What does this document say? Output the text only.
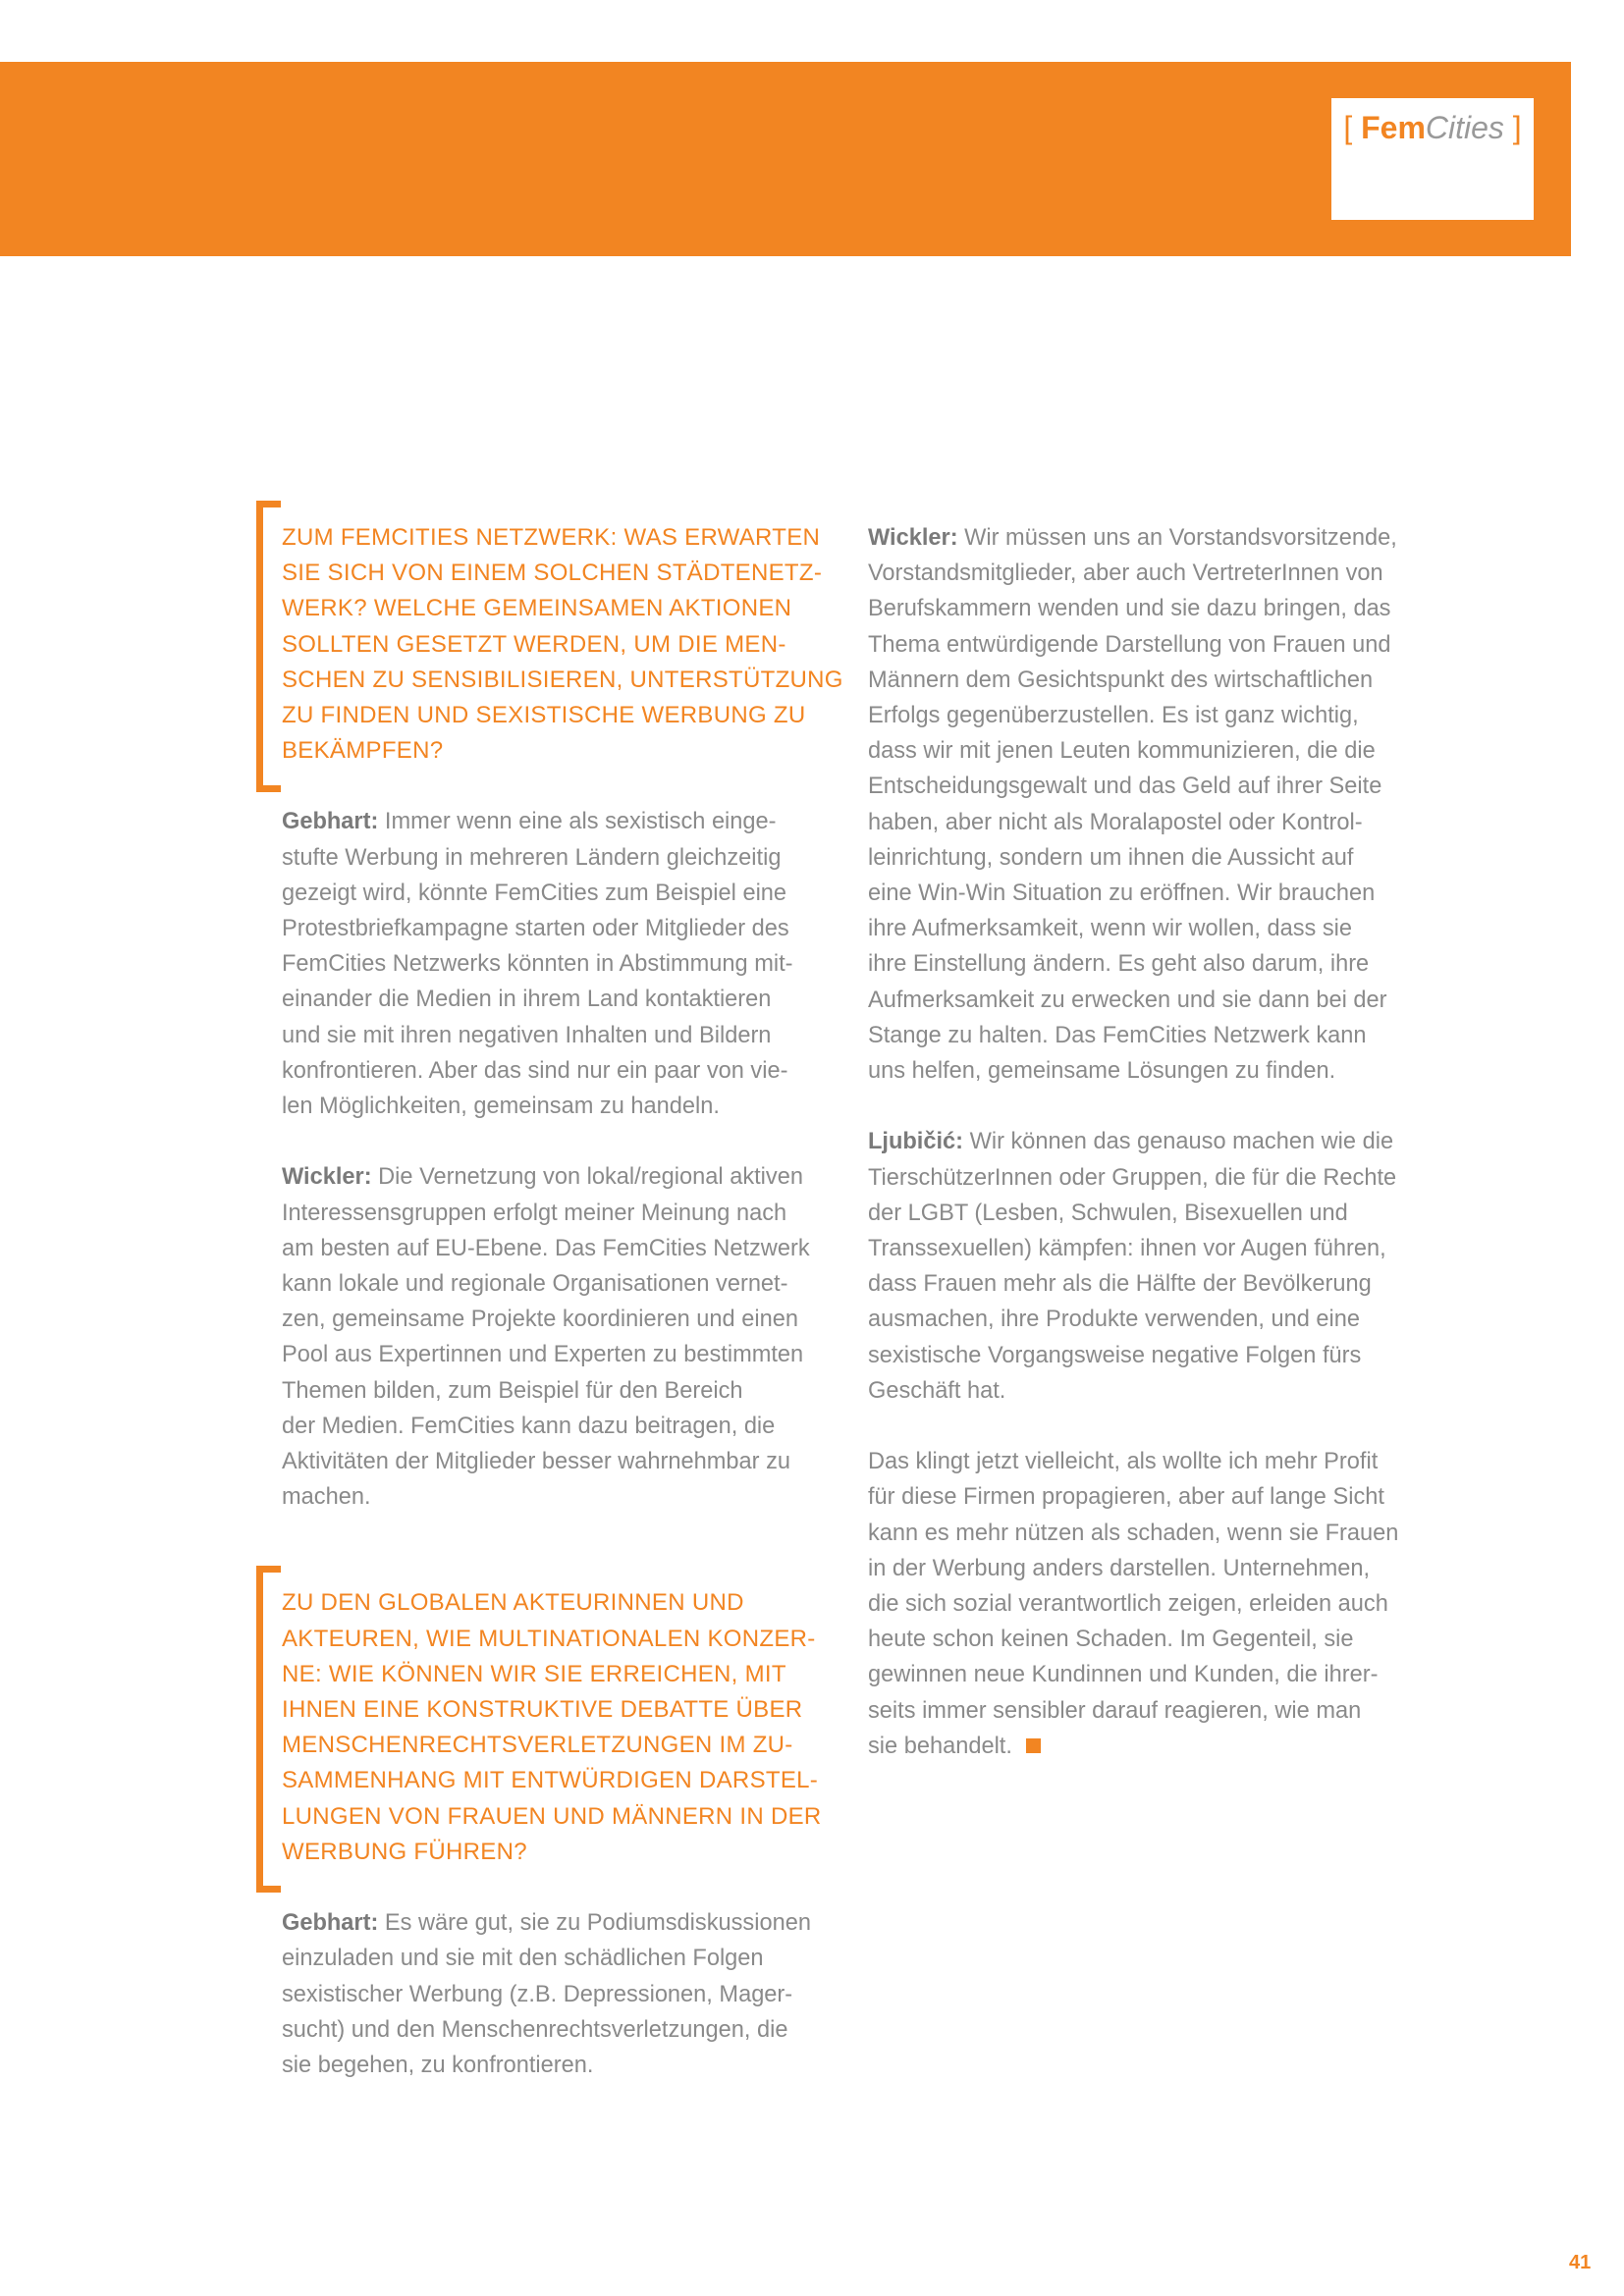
[ FemCities ]
ZUM FEMCITIES NETZWERK: WAS ERWARTEN
SIE SICH VON EINEM SOLCHEN STÄDTENETZ-
WERK? WELCHE GEMEINSAMEN AKTIONEN
SOLLTEN GESETZT WERDEN, UM DIE MEN-
SCHEN ZU SENSIBILISIEREN, UNTERSTÜTZUNG
ZU FINDEN UND SEXISTISCHE WERBUNG ZU
BEKÄMPFEN?
Gebhart: Immer wenn eine als sexistisch einge-
stufte Werbung in mehreren Ländern gleichzeitig
gezeigt wird, könnte FemCities zum Beispiel eine
Protestbriefkampagne starten oder Mitglieder des
FemCities Netzwerks könnten in Abstimmung mit-
einander die Medien in ihrem Land kontaktieren
und sie mit ihren negativen Inhalten und Bildern
konfrontieren. Aber das sind nur ein paar von vie-
len Möglichkeiten, gemeinsam zu handeln.
Wickler: Die Vernetzung von lokal/regional aktiven
Interessensgruppen erfolgt meiner Meinung nach
am besten auf EU-Ebene. Das FemCities Netzwerk
kann lokale und regionale Organisationen vernet-
zen, gemeinsame Projekte koordinieren und einen
Pool aus Expertinnen und Experten zu bestimmten
Themen bilden, zum Beispiel für den Bereich
der Medien. FemCities kann dazu beitragen, die
Aktivitäten der Mitglieder besser wahrnehmbar zu
machen.
ZU DEN GLOBALEN AKTEURINNEN UND
AKTEUREN, WIE MULTINATIONALEN KONZER-
NE: WIE KÖNNEN WIR SIE ERREICHEN, MIT
IHNEN EINE KONSTRUKTIVE DEBATTE ÜBER
MENSCHENRECHTSVERLETZUNGEN IM ZU-
SAMMENHANG MIT ENTWÜRDIGEN DARSTEL-
LUNGEN VON FRAUEN UND MÄNNERN IN DER
WERBUNG FÜHREN?
Gebhart: Es wäre gut, sie zu Podiumsdiskussionen
einzuladen und sie mit den schädlichen Folgen
sexistischer Werbung (z.B. Depressionen, Mager-
sucht) und den Menschenrechtsverletzungen, die
sie begehen, zu konfrontieren.
Wickler: Wir müssen uns an Vorstandsvorsitzende,
Vorstandsmitglieder, aber auch VertreterInnen von
Berufskammern wenden und sie dazu bringen, das
Thema entwürdigende Darstellung von Frauen und
Männern dem Gesichtspunkt des wirtschaftlichen
Erfolgs gegenüberzustellen. Es ist ganz wichtig,
dass wir mit jenen Leuten kommunizieren, die die
Entscheidungsgewalt und das Geld auf ihrer Seite
haben, aber nicht als Moralapostel oder Kontrol-
leinrichtung, sondern um ihnen die Aussicht auf
eine Win-Win Situation zu eröffnen. Wir brauchen
ihre Aufmerksamkeit, wenn wir wollen, dass sie
ihre Einstellung ändern. Es geht also darum, ihre
Aufmerksamkeit zu erwecken und sie dann bei der
Stange zu halten. Das FemCities Netzwerk kann
uns helfen, gemeinsame Lösungen zu finden.
Ljubičić: Wir können das genauso machen wie die
TierschützerInnen oder Gruppen, die für die Rechte
der LGBT (Lesben, Schwulen, Bisexuellen und
Transsexuellen) kämpfen: ihnen vor Augen führen,
dass Frauen mehr als die Hälfte der Bevölkerung
ausmachen, ihre Produkte verwenden, und eine
sexistische Vorgangsweise negative Folgen fürs
Geschäft hat.
Das klingt jetzt vielleicht, als wollte ich mehr Profit
für diese Firmen propagieren, aber auf lange Sicht
kann es mehr nützen als schaden, wenn sie Frauen
in der Werbung anders darstellen. Unternehmen,
die sich sozial verantwortlich zeigen, erleiden auch
heute schon keinen Schaden. Im Gegenteil, sie
gewinnen neue Kundinnen und Kunden, die ihrer-
seits immer sensibler darauf reagieren, wie man
sie behandelt.
41
